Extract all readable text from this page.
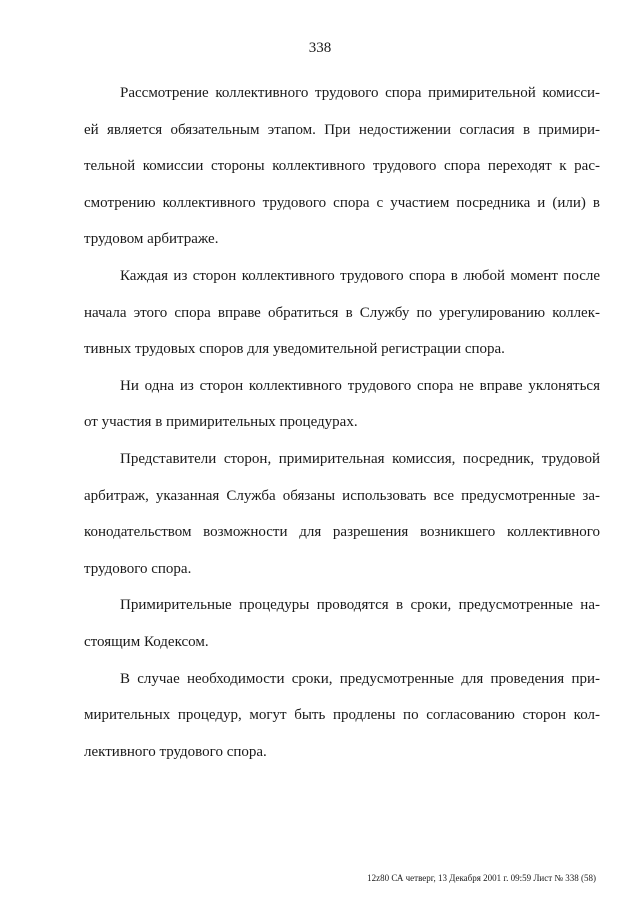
338
Рассмотрение коллективного трудового спора примирительной комисси-
ей является обязательным этапом. При недостижении согласия в примири-
тельной комиссии стороны коллективного трудового спора переходят к рас-
смотрению коллективного трудового спора с участием посредника и (или) в
трудовом арбитраже.
Каждая из сторон коллективного трудового спора в любой момент после
начала этого спора вправе обратиться в Службу по урегулированию коллек-
тивных трудовых споров для уведомительной регистрации спора.
Ни одна из сторон коллективного трудового спора не вправе уклоняться
от участия в примирительных процедурах.
Представители сторон, примирительная комиссия, посредник, трудовой
арбитраж, указанная Служба обязаны использовать все предусмотренные за-
конодательством возможности для разрешения возникшего коллективного
трудового спора.
Примирительные процедуры проводятся в сроки, предусмотренные на-
стоящим Кодексом.
В случае необходимости сроки, предусмотренные для проведения при-
мирительных процедур, могут быть продлены по согласованию сторон кол-
лективного трудового спора.
12z80 СА четверг, 13 Декабря 2001 г. 09:59 Лист № 338 (58)
